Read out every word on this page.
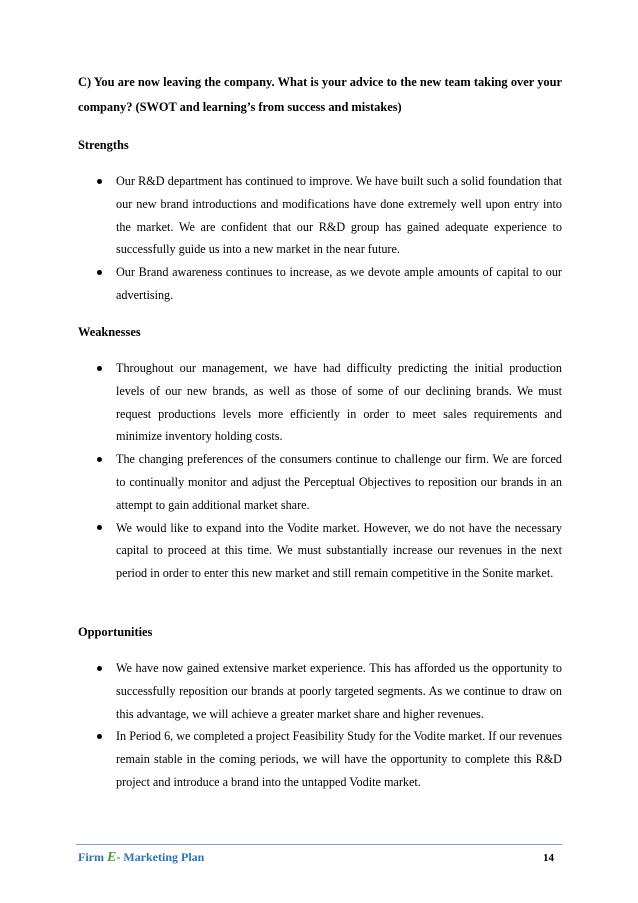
C) You are now leaving the company. What is your advice to the new team taking over your company? (SWOT and learning’s from success and mistakes)
Strengths
Our R&D department has continued to improve. We have built such a solid foundation that our new brand introductions and modifications have done extremely well upon entry into the market. We are confident that our R&D group has gained adequate experience to successfully guide us into a new market in the near future.
Our Brand awareness continues to increase, as we devote ample amounts of capital to our advertising.
Weaknesses
Throughout our management, we have had difficulty predicting the initial production levels of our new brands, as well as those of some of our declining brands. We must request productions levels more efficiently in order to meet sales requirements and minimize inventory holding costs.
The changing preferences of the consumers continue to challenge our firm. We are forced to continually monitor and adjust the Perceptual Objectives to reposition our brands in an attempt to gain additional market share.
We would like to expand into the Vodite market. However, we do not have the necessary capital to proceed at this time. We must substantially increase our revenues in the next period in order to enter this new market and still remain competitive in the Sonite market.
Opportunities
We have now gained extensive market experience. This has afforded us the opportunity to successfully reposition our brands at poorly targeted segments. As we continue to draw on this advantage, we will achieve a greater market share and higher revenues.
In Period 6, we completed a project Feasibility Study for the Vodite market. If our revenues remain stable in the coming periods, we will have the opportunity to complete this R&D project and introduce a brand into the untapped Vodite market.
Firm E- Marketing Plan	14
